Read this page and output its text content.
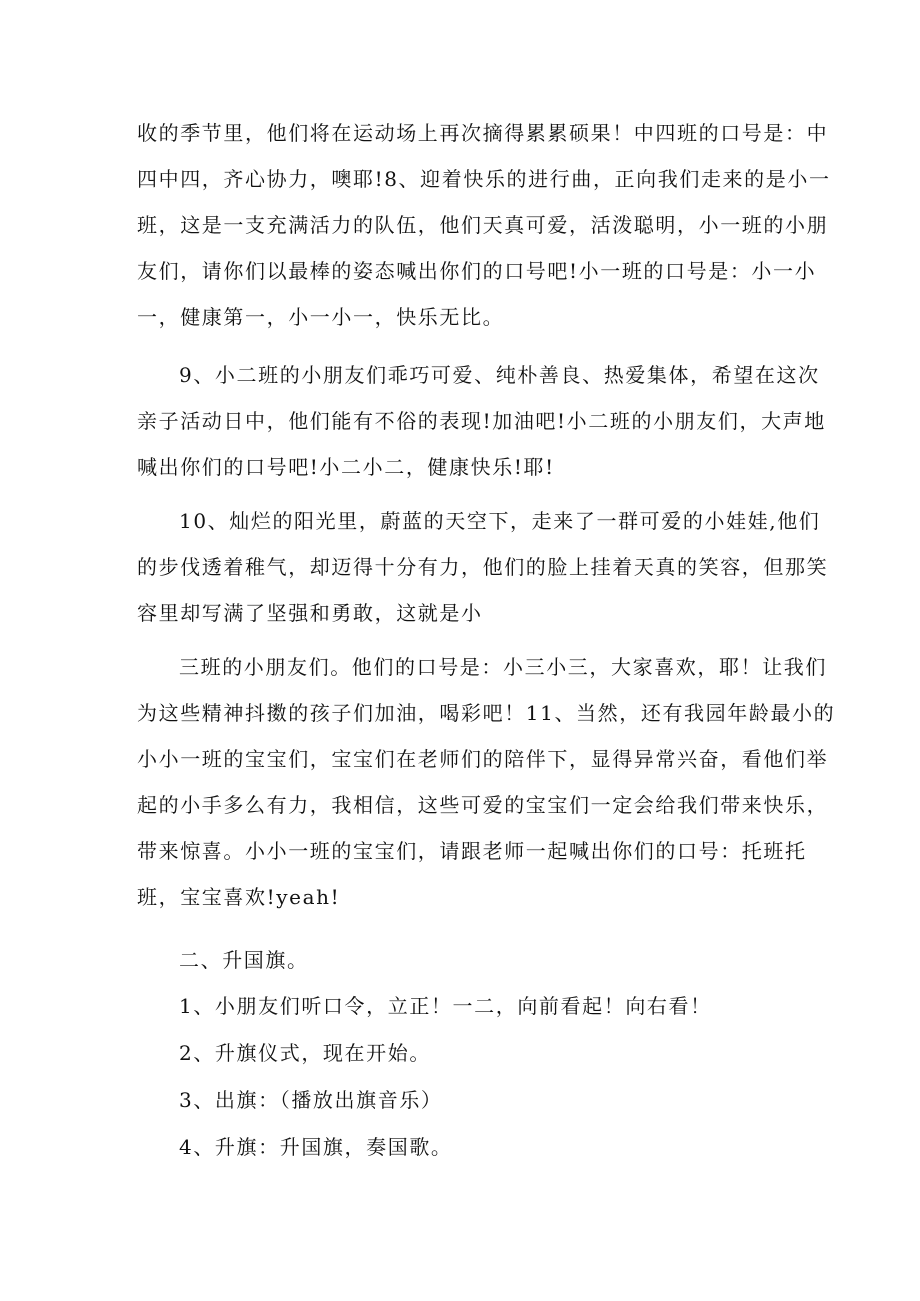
收的季节里，他们将在运动场上再次摘得累累硕果！中四班的口号是：中
四中四，齐心协力，噢耶!8、迎着快乐的进行曲，正向我们走来的是小一
班，这是一支充满活力的队伍，他们天真可爱，活泼聪明，小一班的小朋
友们，请你们以最棒的姿态喊出你们的口号吧!小一班的口号是：小一小
一，健康第一，小一小一，快乐无比。
9、小二班的小朋友们乖巧可爱、纯朴善良、热爱集体，希望在这次
亲子活动日中，他们能有不俗的表现!加油吧!小二班的小朋友们，大声地
喊出你们的口号吧!小二小二，健康快乐!耶!
10、灿烂的阳光里，蔚蓝的天空下，走来了一群可爱的小娃娃,他们
的步伐透着稚气，却迈得十分有力，他们的脸上挂着天真的笑容，但那笑
容里却写满了坚强和勇敢，这就是小
三班的小朋友们。他们的口号是：小三小三，大家喜欢，耶！让我们
为这些精神抖擞的孩子们加油，喝彩吧！11、当然，还有我园年龄最小的
小小一班的宝宝们，宝宝们在老师们的陪伴下，显得异常兴奋，看他们举
起的小手多么有力，我相信，这些可爱的宝宝们一定会给我们带来快乐，
带来惊喜。小小一班的宝宝们，请跟老师一起喊出你们的口号：托班托
班，宝宝喜欢!yeah!
二、升国旗。
1、小朋友们听口令，立正！一二，向前看起！向右看！
2、升旗仪式，现在开始。
3、出旗：（播放出旗音乐）
4、升旗：升国旗，奏国歌。
